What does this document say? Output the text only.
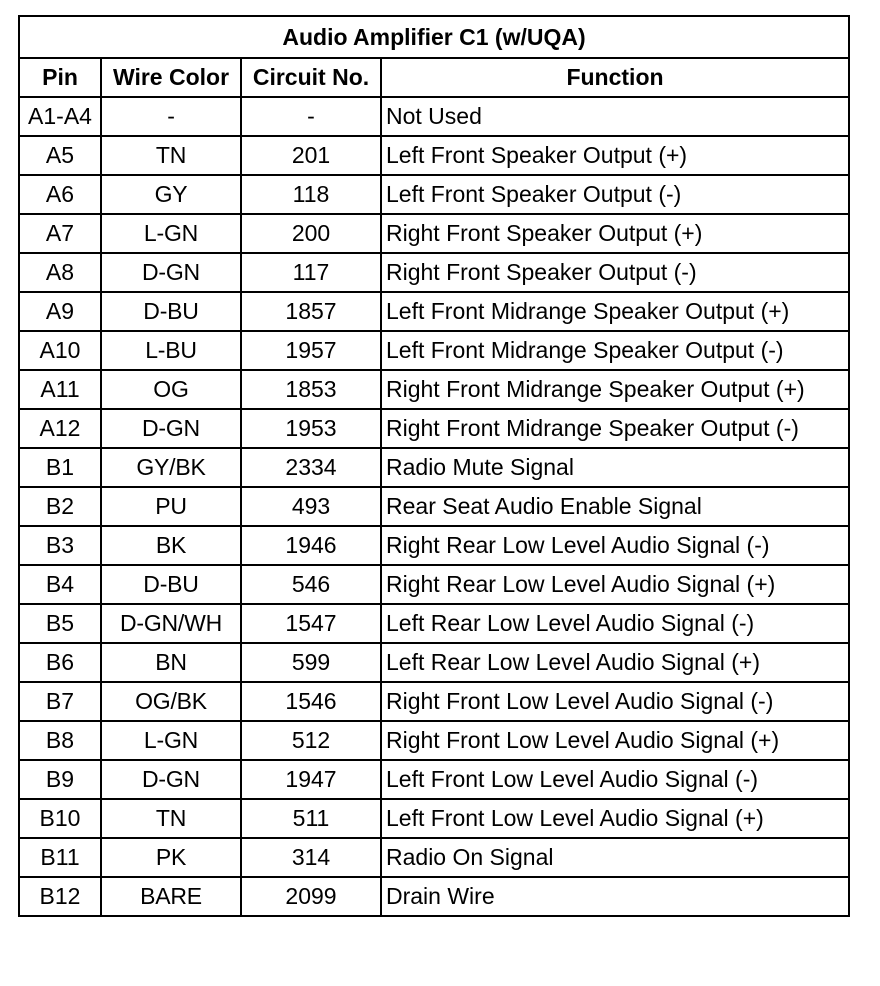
Audio Amplifier C1 (w/UQA)			
Pin	Wire Color	Circuit No.	Function
A1-A4	-	-	Not Used
A5	TN	201	Left Front Speaker Output (+)
A6	GY	118	Left Front Speaker Output (-)
A7	L-GN	200	Right Front Speaker Output (+)
A8	D-GN	117	Right Front Speaker Output (-)
A9	D-BU	1857	Left Front Midrange Speaker Output (+)
A10	L-BU	1957	Left Front Midrange Speaker Output (-)
A11	OG	1853	Right Front Midrange Speaker Output (+)
A12	D-GN	1953	Right Front Midrange Speaker Output (-)
B1	GY/BK	2334	Radio Mute Signal
B2	PU	493	Rear Seat Audio Enable Signal
B3	BK	1946	Right Rear Low Level Audio Signal (-)
B4	D-BU	546	Right Rear Low Level Audio Signal (+)
B5	D-GN/WH	1547	Left Rear Low Level Audio Signal (-)
B6	BN	599	Left Rear Low Level Audio Signal (+)
B7	OG/BK	1546	Right Front Low Level Audio Signal (-)
B8	L-GN	512	Right Front Low Level Audio Signal (+)
B9	D-GN	1947	Left Front Low Level Audio Signal (-)
B10	TN	511	Left Front Low Level Audio Signal (+)
B11	PK	314	Radio On Signal
B12	BARE	2099	Drain Wire
